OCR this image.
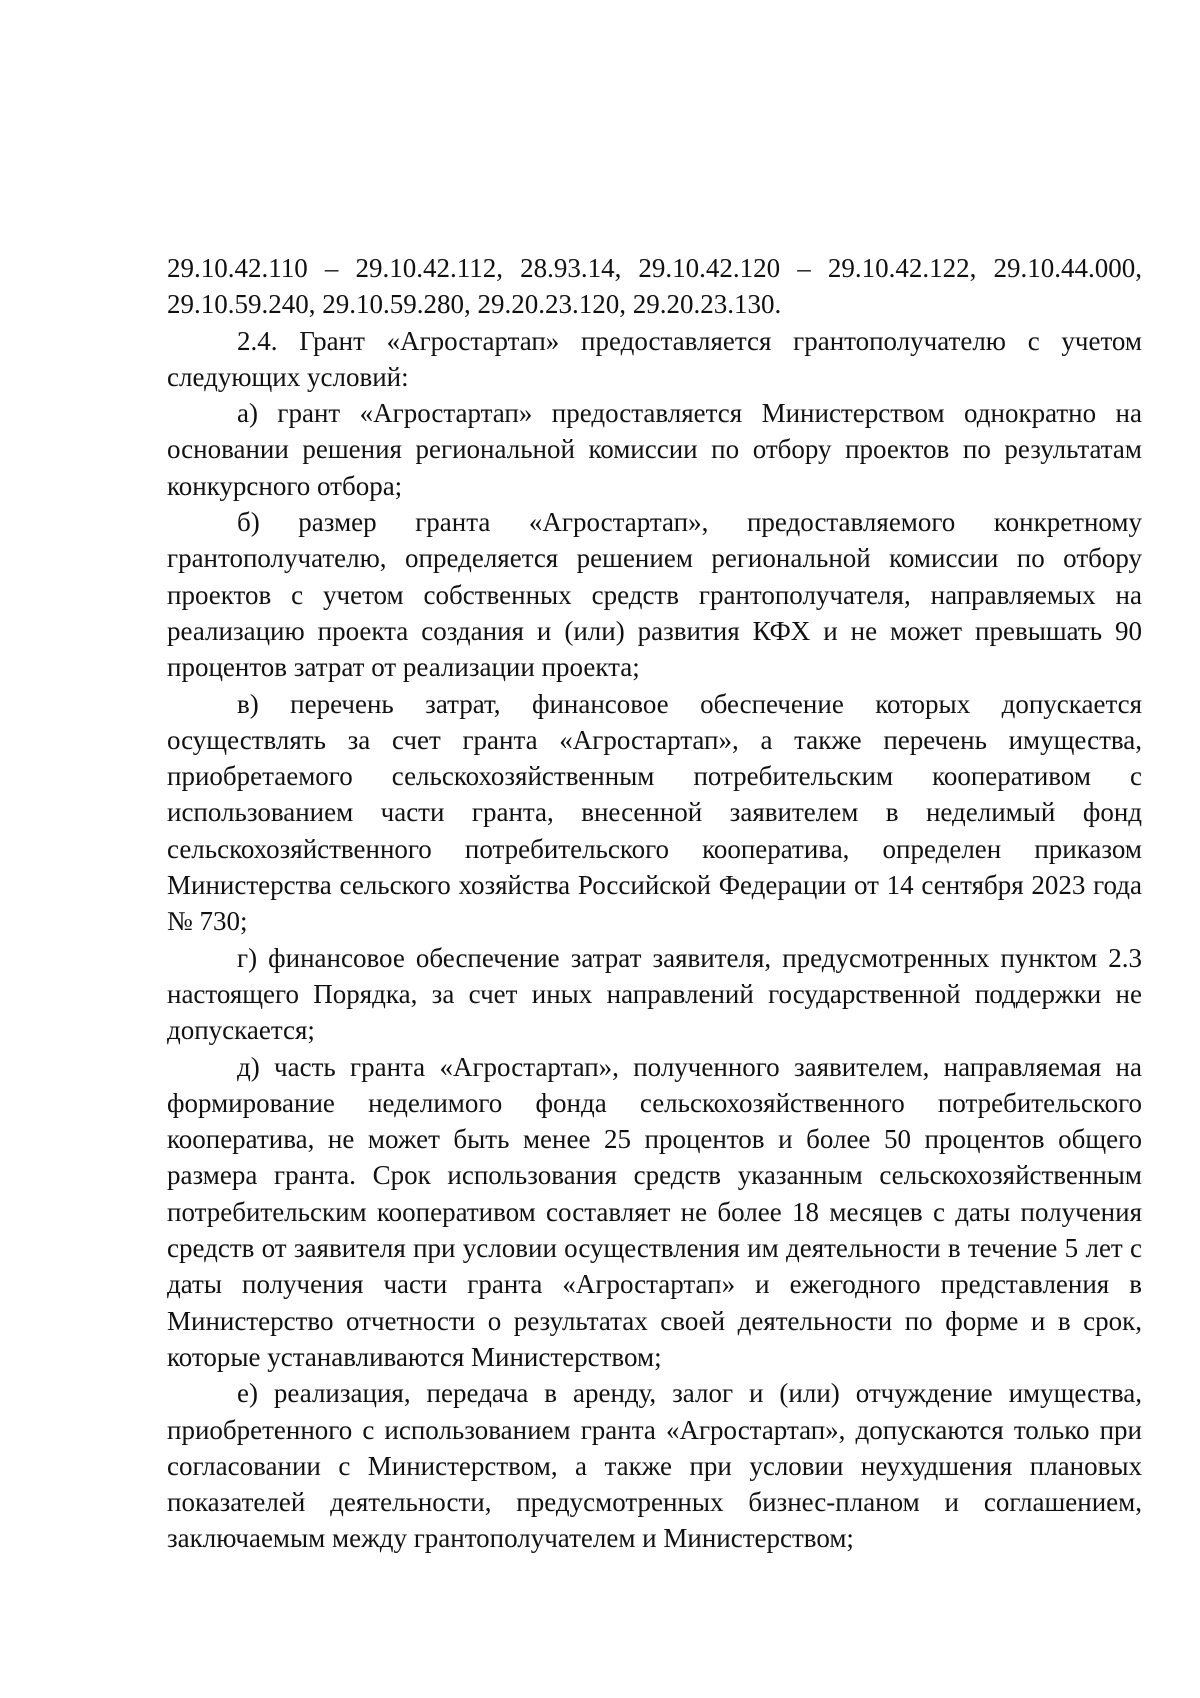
29.10.42.110 – 29.10.42.112, 28.93.14, 29.10.42.120 – 29.10.42.122, 29.10.44.000, 29.10.59.240, 29.10.59.280, 29.20.23.120, 29.20.23.130.

2.4. Грант «Агростартап» предоставляется грантополучателю с учетом следующих условий:

а) грант «Агростартап» предоставляется Министерством однократно на основании решения региональной комиссии по отбору проектов по результатам конкурсного отбора;

б) размер гранта «Агростартап», предоставляемого конкретному грантополучателю, определяется решением региональной комиссии по отбору проектов с учетом собственных средств грантополучателя, направляемых на реализацию проекта создания и (или) развития КФХ и не может превышать 90 процентов затрат от реализации проекта;

в) перечень затрат, финансовое обеспечение которых допускается осуществлять за счет гранта «Агростартап», а также перечень имущества, приобретаемого сельскохозяйственным потребительским кооперативом с использованием части гранта, внесенной заявителем в неделимый фонд сельскохозяйственного потребительского кооператива, определен приказом Министерства сельского хозяйства Российской Федерации от 14 сентября 2023 года № 730;

г) финансовое обеспечение затрат заявителя, предусмотренных пунктом 2.3 настоящего Порядка, за счет иных направлений государственной поддержки не допускается;

д) часть гранта «Агростартап», полученного заявителем, направляемая на формирование неделимого фонда сельскохозяйственного потребительского кооператива, не может быть менее 25 процентов и более 50 процентов общего размера гранта. Срок использования средств указанным сельскохозяйственным потребительским кооперативом составляет не более 18 месяцев с даты получения средств от заявителя при условии осуществления им деятельности в течение 5 лет с даты получения части гранта «Агростартап» и ежегодного представления в Министерство отчетности о результатах своей деятельности по форме и в срок, которые устанавливаются Министерством;

е) реализация, передача в аренду, залог и (или) отчуждение имущества, приобретенного с использованием гранта «Агростартап», допускаются только при согласовании с Министерством, а также при условии неухудшения плановых показателей деятельности, предусмотренных бизнес-планом и соглашением, заключаемым между грантополучателем и Министерством;
